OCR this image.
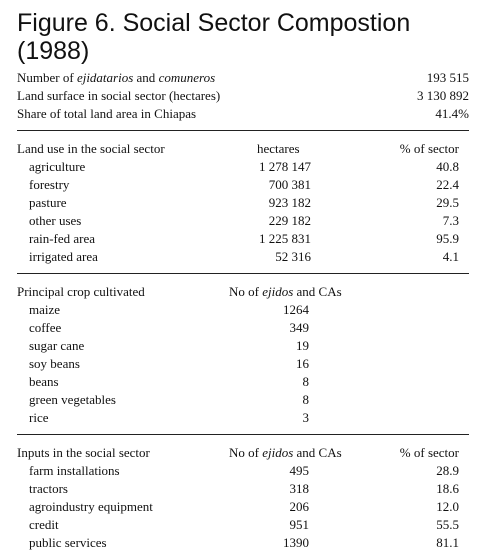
Figure 6. Social Sector Compostion (1988)
Number of ejidatarios and comuneros	193 515
Land surface in social sector (hectares)	3 130 892
Share of total land area in Chiapas	41.4%
Land use in the social sector	hectares	% of sector
agriculture	1 278 147	40.8
forestry	700 381	22.4
pasture	923 182	29.5
other uses	229 182	7.3
rain-fed area	1 225 831	95.9
irrigated area	52 316	4.1
Principal crop cultivated	No of ejidos and CAs
maize	1264
coffee	349
sugar cane	19
soy beans	16
beans	8
green vegetables	8
rice	3
Inputs in the social sector	No of ejidos and CAs	% of sector
farm installations	495	28.9
tractors	318	18.6
agroindustry equipment	206	12.0
credit	951	55.5
public services	1390	81.1
